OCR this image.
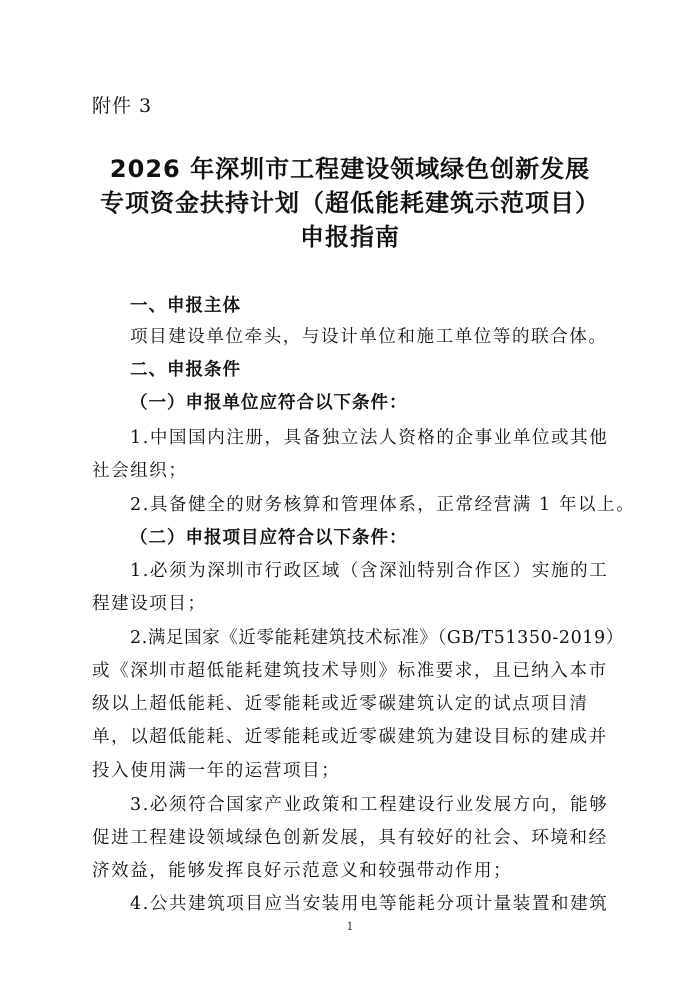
附件 3
2026 年深圳市工程建设领域绿色创新发展
专项资金扶持计划（超低能耗建筑示范项目）
申报指南
一、申报主体
项目建设单位牵头，与设计单位和施工单位等的联合体。
二、申报条件
（一）申报单位应符合以下条件：
1.中国国内注册，具备独立法人资格的企事业单位或其他
社会组织；
2.具备健全的财务核算和管理体系，正常经营满 1 年以上。
（二）申报项目应符合以下条件：
1.必须为深圳市行政区域（含深汕特别合作区）实施的工
程建设项目；
2.满足国家《近零能耗建筑技术标准》（GB/T51350-2019）
或《深圳市超低能耗建筑技术导则》标准要求，且已纳入本市
级以上超低能耗、近零能耗或近零碳建筑认定的试点项目清
单，以超低能耗、近零能耗或近零碳建筑为建设目标的建成并
投入使用满一年的运营项目；
3.必须符合国家产业政策和工程建设行业发展方向，能够
促进工程建设领域绿色创新发展，具有较好的社会、环境和经
济效益，能够发挥良好示范意义和较强带动作用；
4.公共建筑项目应当安装用电等能耗分项计量装置和建筑
1
